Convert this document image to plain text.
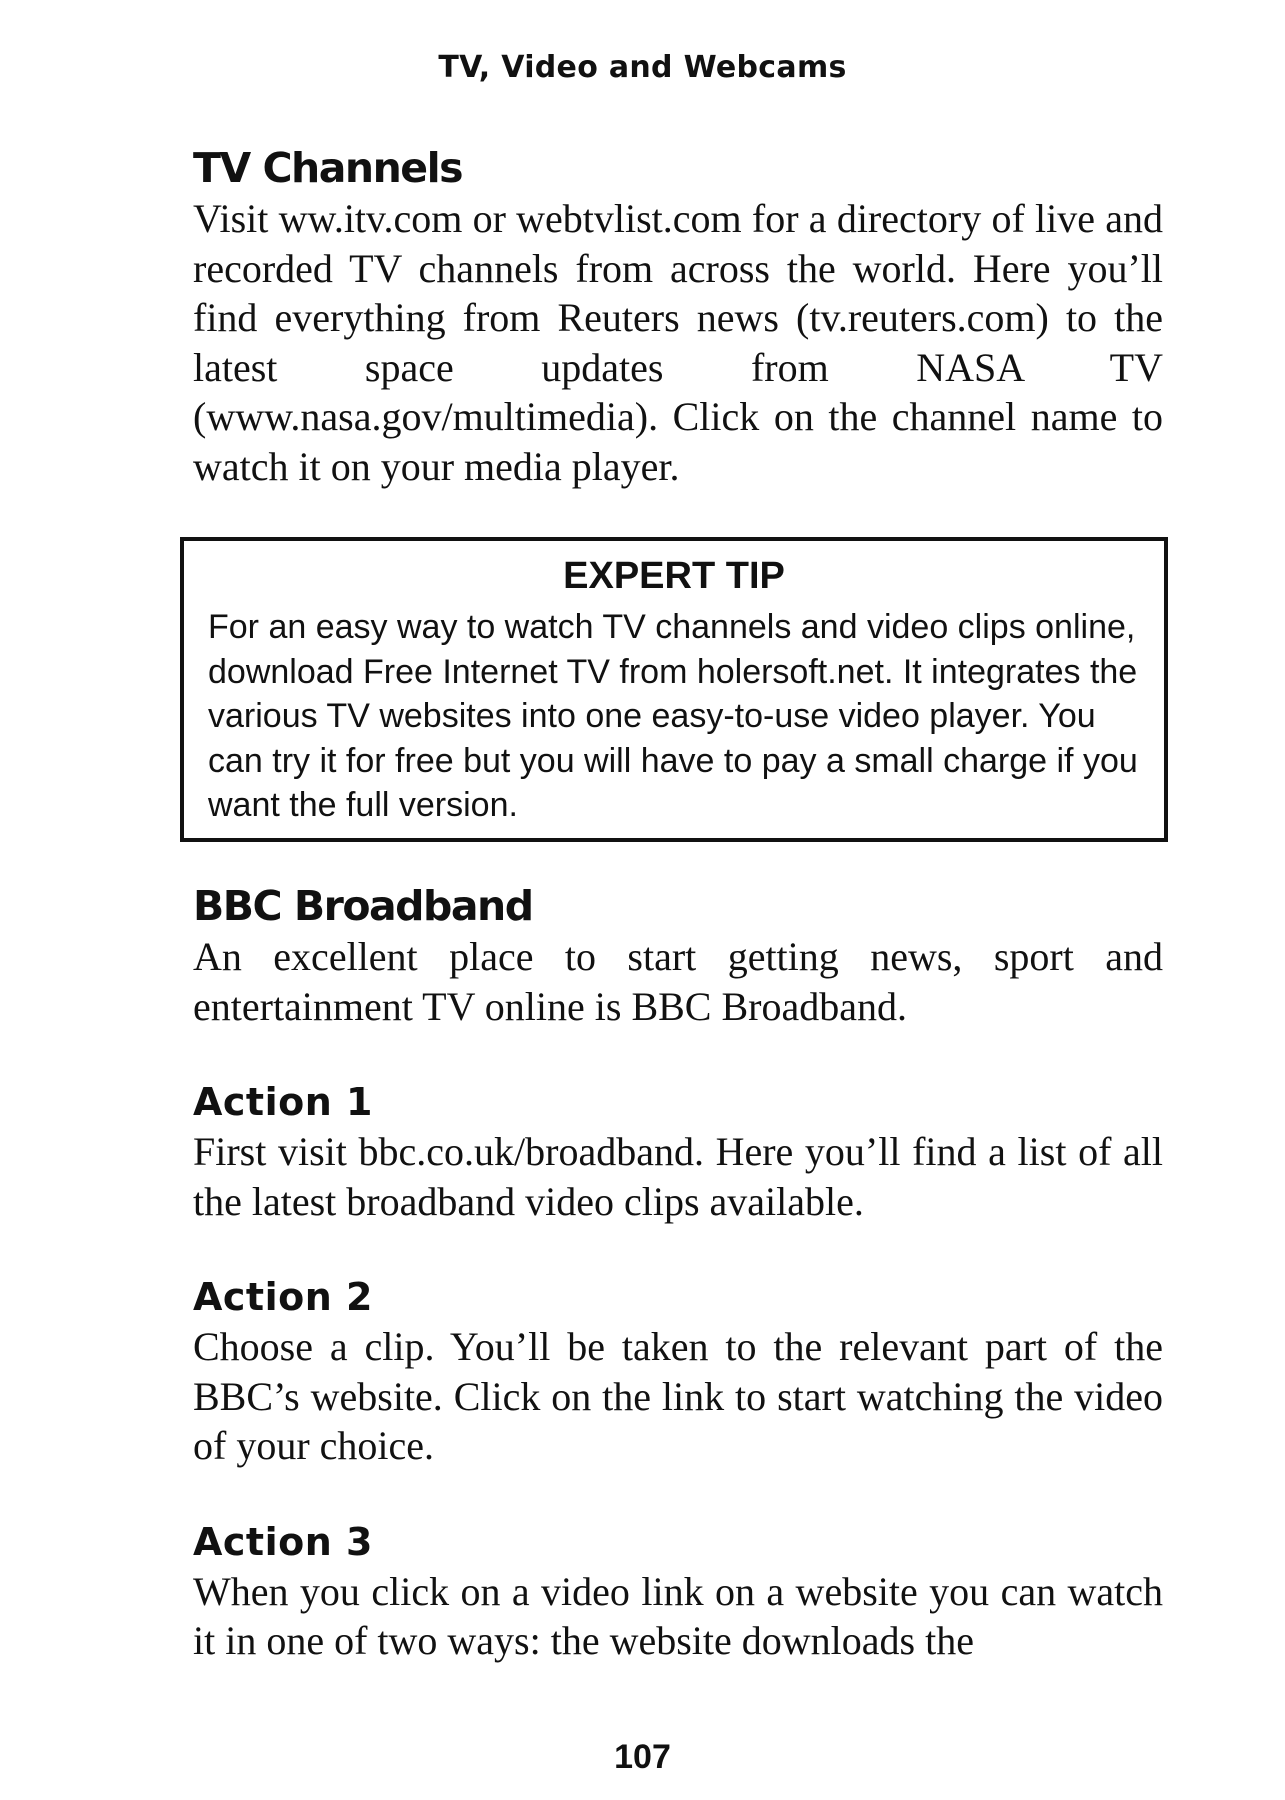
TV, Video and Webcams
TV Channels

Visit ww.itv.com or webtvlist.com for a directory of live and recorded TV channels from across the world. Here you’ll find everything from Reuters news (tv.reuters.com) to the latest space updates from NASA TV (www.nasa.gov/multimedia). Click on the channel name to watch it on your media player.

EXPERT TIP

For an easy way to watch TV channels and video clips online, download Free Internet TV from holersoft.net. It integrates the various TV websites into one easy-to-use video player. You can try it for free but you will have to pay a small charge if you want the full version.

BBC Broadband

An excellent place to start getting news, sport and entertainment TV online is BBC Broadband.

Action 1

First visit bbc.co.uk/broadband. Here you’ll find a list of all the latest broadband video clips available.

Action 2

Choose a clip. You’ll be taken to the relevant part of the BBC’s website. Click on the link to start watching the video of your choice.

Action 3

When you click on a video link on a website you can watch it in one of two ways: the website downloads the

107
